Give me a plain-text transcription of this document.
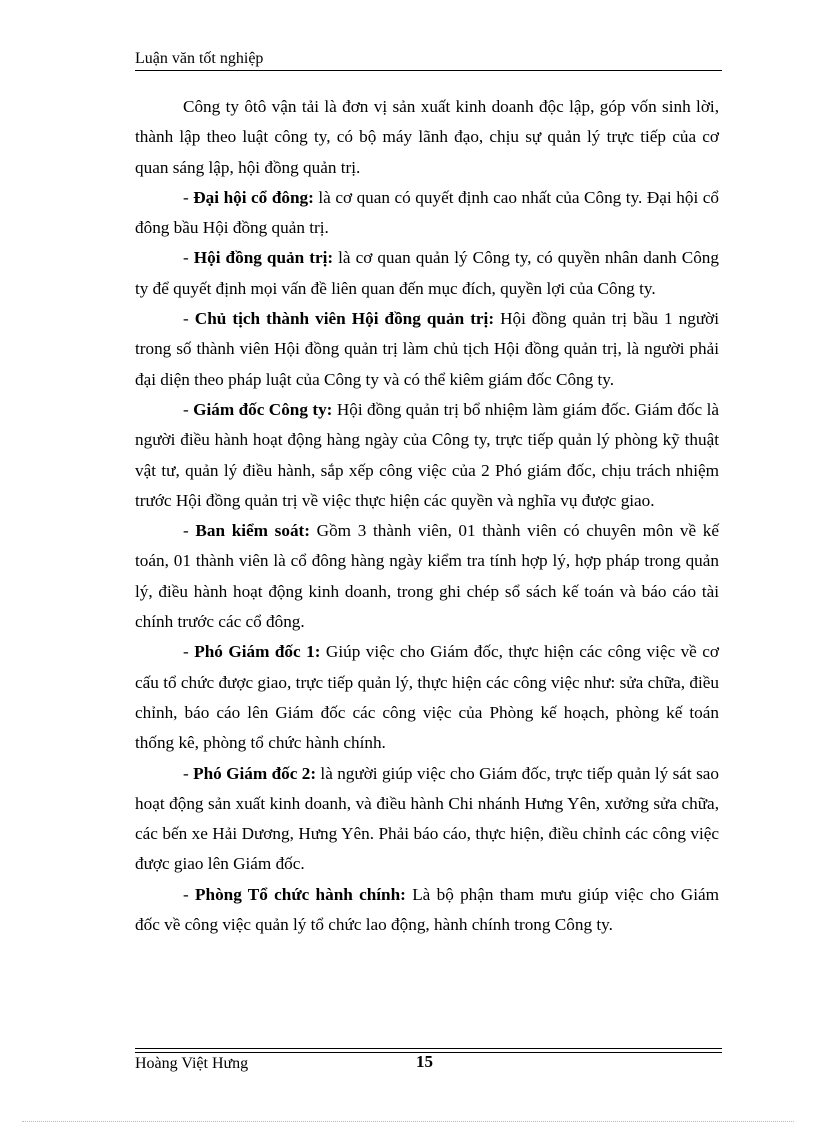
Luận văn tốt nghiệp

Công ty ôtô vận tải là đơn vị sản xuất kinh doanh độc lập, góp vốn sinh lời, thành lập theo luật công ty, có bộ máy lãnh đạo, chịu sự quản lý trực tiếp của cơ quan sáng lập, hội đồng quản trị.

- Đại hội cổ đông: là cơ quan có quyết định cao nhất của Công ty. Đại hội cổ đông bầu Hội đồng quản trị.

- Hội đồng quản trị: là cơ quan quản lý Công ty, có quyền nhân danh Công ty để quyết định mọi vấn đề liên quan đến mục đích, quyền lợi của Công ty.

- Chủ tịch thành viên Hội đồng quản trị: Hội đồng quản trị bầu 1 người trong số thành viên Hội đồng quản trị làm chủ tịch Hội đồng quản trị, là người phải đại diện theo pháp luật của Công ty và có thể kiêm giám đốc Công ty.

- Giám đốc Công ty: Hội đồng quản trị bổ nhiệm làm giám đốc. Giám đốc là người điều hành hoạt động hàng ngày của Công ty, trực tiếp quản lý phòng kỹ thuật vật tư, quản lý điều hành, sắp xếp công việc của 2 Phó giám đốc, chịu trách nhiệm trước Hội đồng quản trị về việc thực hiện các quyền và nghĩa vụ được giao.

- Ban kiểm soát: Gồm 3 thành viên, 01 thành viên có chuyên môn về kế toán, 01 thành viên là cổ đông hàng ngày kiểm tra tính hợp lý, hợp pháp trong quản lý, điều hành hoạt động kinh doanh, trong ghi chép sổ sách kế toán và báo cáo tài chính trước các cổ đông.

- Phó Giám đốc 1: Giúp việc cho Giám đốc, thực hiện các công việc về cơ cấu tổ chức được giao, trực tiếp quản lý, thực hiện các công việc như: sửa chữa, điều chỉnh, báo cáo lên Giám đốc các công việc của Phòng kế hoạch, phòng kế toán thống kê, phòng tổ chức hành chính.

- Phó Giám đốc 2: là người giúp việc cho Giám đốc, trực tiếp quản lý sát sao hoạt động sản xuất kinh doanh, và điều hành Chi nhánh Hưng Yên, xưởng sửa chữa, các bến xe Hải Dương, Hưng Yên. Phải báo cáo, thực hiện, điều chỉnh các công việc được giao lên Giám đốc.

- Phòng Tổ chức hành chính: Là bộ phận tham mưu giúp việc cho Giám đốc về công việc quản lý tổ chức lao động, hành chính trong Công ty.

Hoàng Việt Hưng	15
